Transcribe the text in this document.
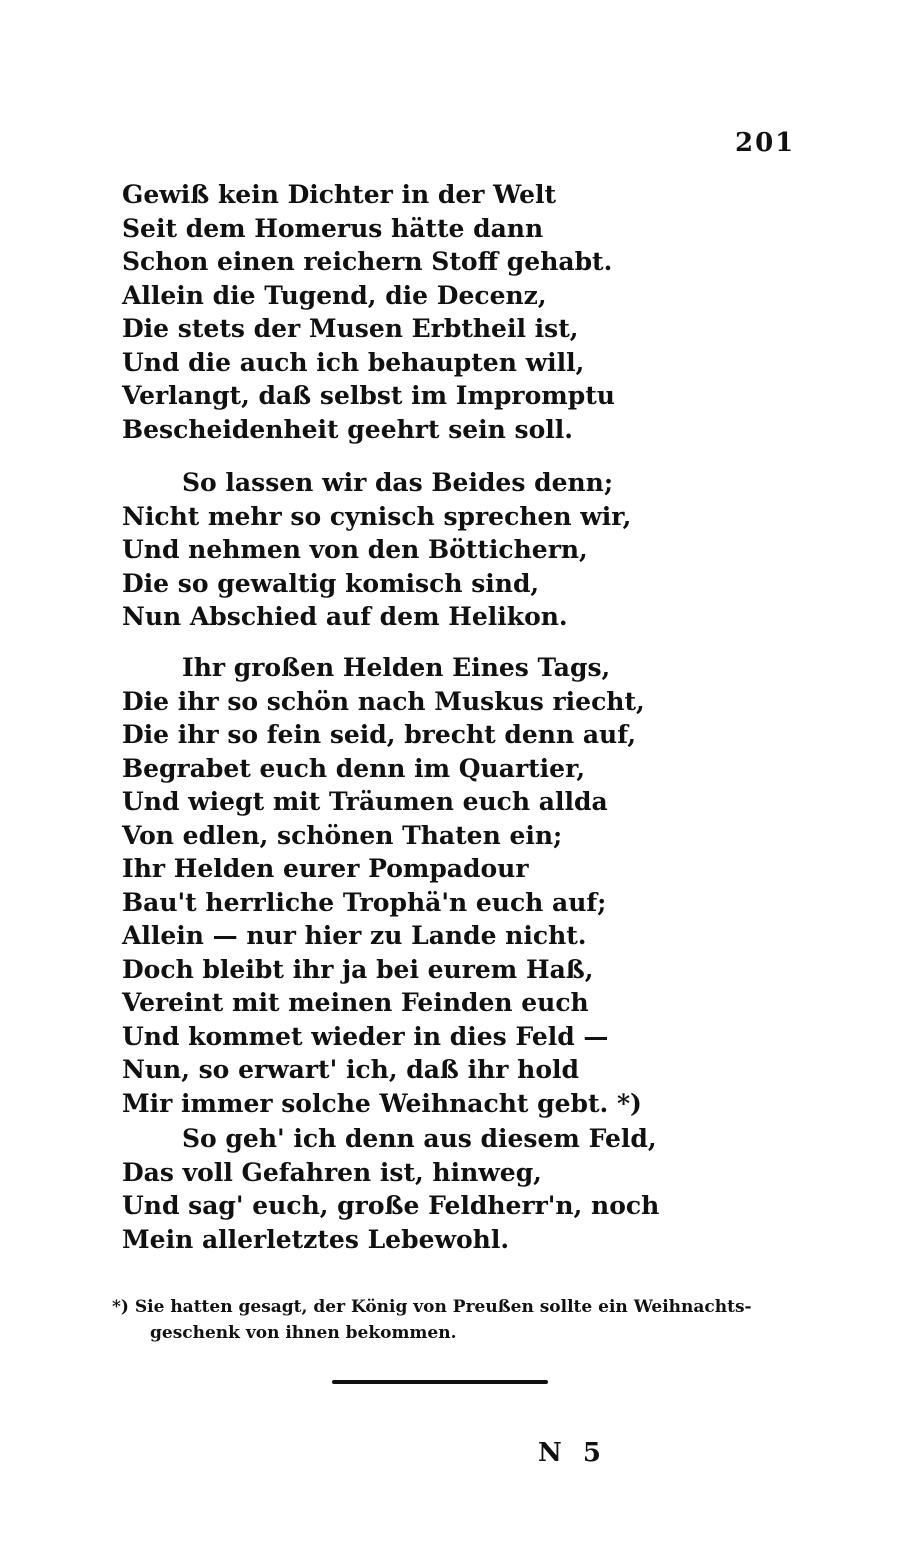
201
Gewiß kein Dichter in der Welt
Seit dem Homerus hätte dann
Schon einen reichern Stoff gehabt.
Allein die Tugend, die Decenz,
Die stets der Musen Erbtheil ist,
Und die auch ich behaupten will,
Verlangt, daß selbst im Impromptu
Bescheidenheit geehrt sein soll.
So lassen wir das Beides denn;
Nicht mehr so cynisch sprechen wir,
Und nehmen von den Böttichern,
Die so gewaltig komisch sind,
Nun Abschied auf dem Helikon.
Ihr großen Helden Eines Tags,
Die ihr so schön nach Muskus riecht,
Die ihr so fein seid, brecht denn auf,
Begrabet euch denn im Quartier,
Und wiegt mit Träumen euch allda
Von edlen, schönen Thaten ein;
Ihr Helden eurer Pompadour
Bau't herrliche Trophä'n euch auf;
Allein — nur hier zu Lande nicht.
Doch bleibt ihr ja bei eurem Haß,
Vereint mit meinen Feinden euch
Und kommet wieder in dies Feld —
Nun, so erwart' ich, daß ihr hold
Mir immer solche Weihnacht gebt. *)
So geh' ich denn aus diesem Feld,
Das voll Gefahren ist, hinweg,
Und sag' euch, große Feldherr'n, noch
Mein allerletztes Lebewohl.
*) Sie hatten gesagt, der König von Preußen sollte ein Weihnachts-
geschenk von ihnen bekommen.
N 5
